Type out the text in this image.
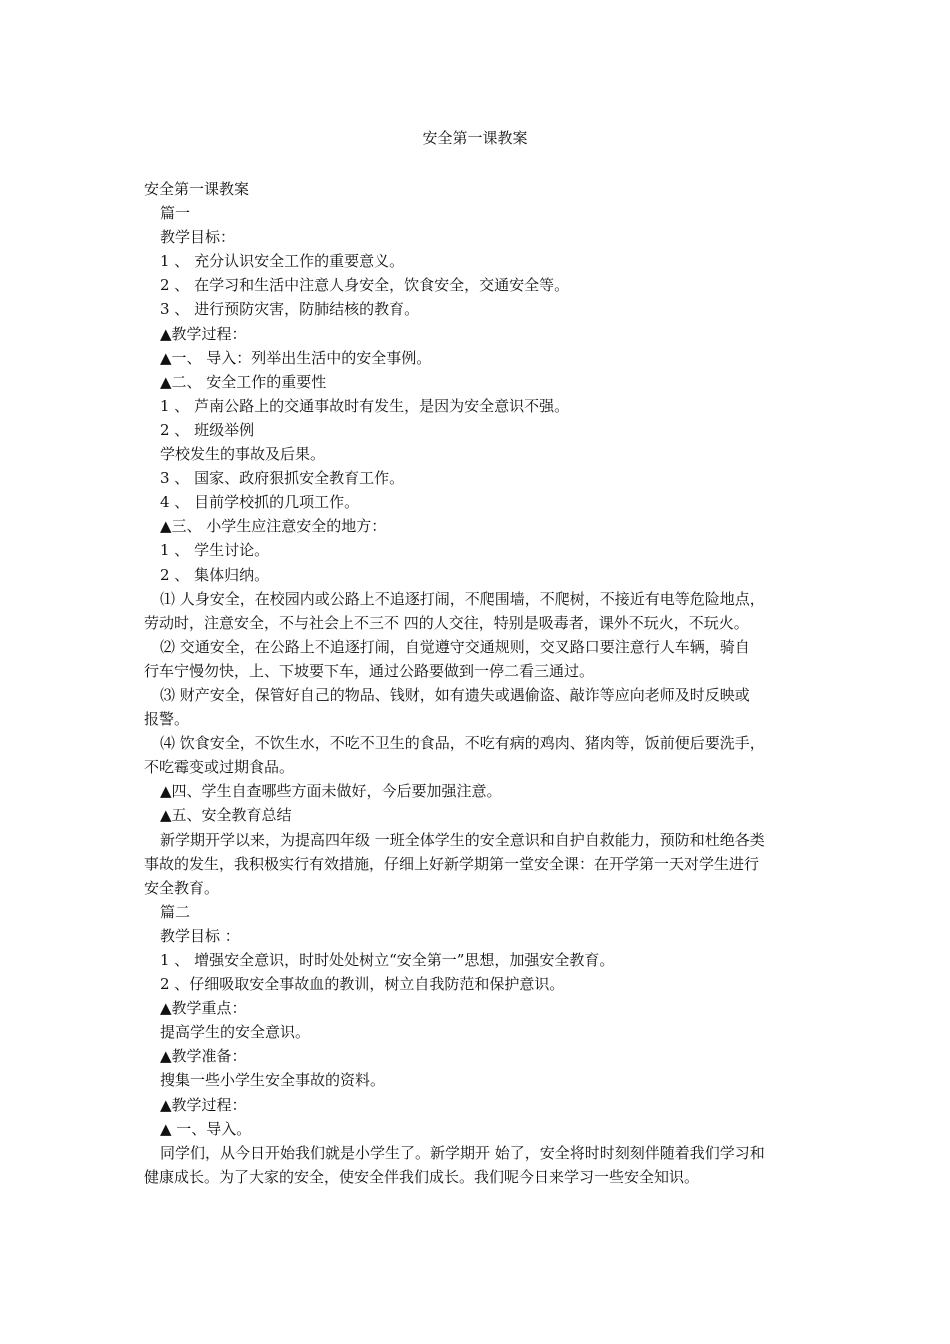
安全第一课教案
安全第一课教案
篇一
教学目标：
1 、 充分认识安全工作的重要意义。
2 、 在学习和生活中注意人身安全，饮食安全，交通安全等。
3 、 进行预防灾害，防肺结核的教育。
▲教学过程：
▲一、 导入：列举出生活中的安全事例。
▲二、 安全工作的重要性
1 、 芦南公路上的交通事故时有发生，是因为安全意识不强。
2 、 班级举例
学校发生的事故及后果。
3 、 国家、政府狠抓安全教育工作。
4 、 目前学校抓的几项工作。
▲三、 小学生应注意安全的地方：
1 、 学生讨论。
2 、 集体归纳。
⑴ 人身安全，在校园内或公路上不追逐打闹，不爬围墙，不爬树，不接近有电等危险地点，
劳动时，注意安全，不与社会上不三不 四的人交往，特别是吸毒者，课外不玩火，不玩火。
⑵ 交通安全，在公路上不追逐打闹，自觉遵守交通规则，交叉路口要注意行人车辆，骑自
行车宁慢勿快，上、下坡要下车，通过公路要做到一停二看三通过。
⑶ 财产安全，保管好自己的物品、钱财，如有遗失或遇偷盗、敲诈等应向老师及时反映或
报警。
⑷ 饮食安全，不饮生水，不吃不卫生的食品，不吃有病的鸡肉、猪肉等，饭前便后要洗手，
不吃霉变或过期食品。
▲四、学生自查哪些方面未做好，今后要加强注意。
▲五、安全教育总结
新学期开学以来，为提高四年级 一班全体学生的安全意识和自护自救能力，预防和杜绝各类
事故的发生，我积极实行有效措施，仔细上好新学期第一堂安全课：在开学第一天对学生进行
安全教育。
篇二
教学目标 ：
1 、 增强安全意识，时时处处树立“安全第一”思想，加强安全教育。
2 、仔细吸取安全事故血的教训，树立自我防范和保护意识。
▲教学重点：
提高学生的安全意识。
▲教学准备：
搜集一些小学生安全事故的资料。
▲教学过程：
▲ 一、导入。
同学们，从今日开始我们就是小学生了。新学期开 始了，安全将时时刻刻伴随着我们学习和
健康成长。为了大家的安全，使安全伴我们成长。我们呢今日来学习一些安全知识。
